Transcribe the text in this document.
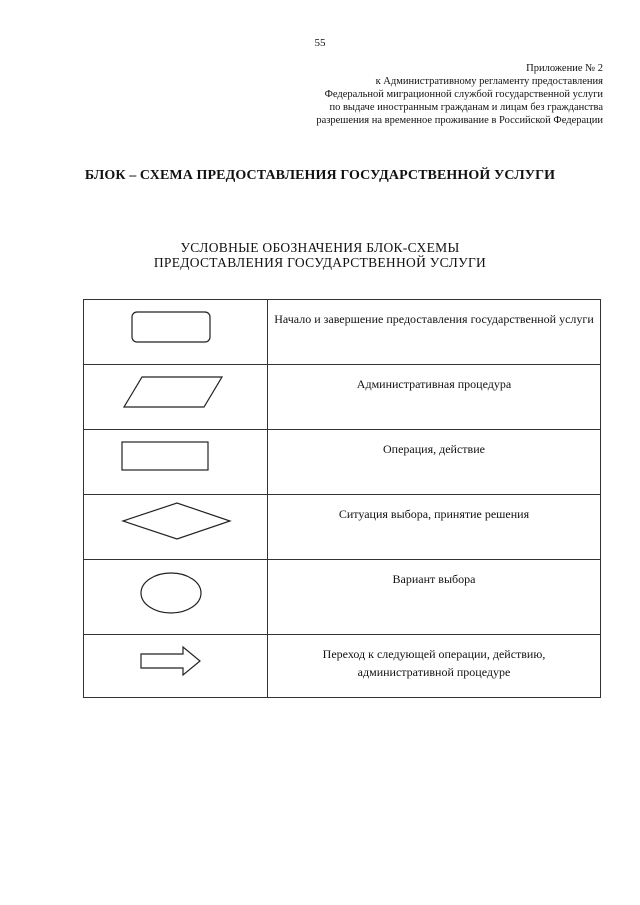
55
Приложение № 2
к Административному регламенту предоставления
Федеральной миграционной службой государственной услуги
по выдаче иностранным гражданам и лицам без гражданства
разрешения на временное проживание в Российской Федерации
БЛОК – СХЕМА ПРЕДОСТАВЛЕНИЯ ГОСУДАРСТВЕННОЙ УСЛУГИ
УСЛОВНЫЕ ОБОЗНАЧЕНИЯ БЛОК-СХЕМЫ
ПРЕДОСТАВЛЕНИЯ ГОСУДАРСТВЕННОЙ УСЛУГИ
	Начало и завершение предоставления государственной услуги

	Административная процедура

	Операция, действие

	Ситуация выбора, принятие решения

	Вариант выбора

	Переход к следующей операции, действию, административной процедуре
